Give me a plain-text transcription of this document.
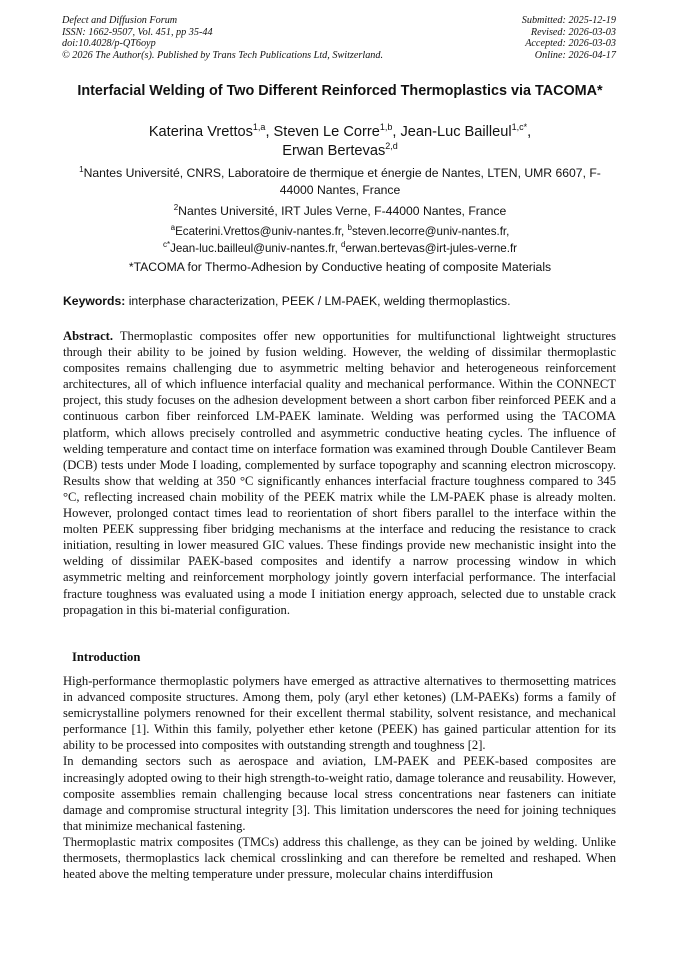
Defect and Diffusion Forum
ISSN: 1662-9507, Vol. 451, pp 35-44
doi:10.4028/p-QT6oyp
© 2026 The Author(s). Published by Trans Tech Publications Ltd, Switzerland.
Submitted: 2025-12-19
Revised: 2026-03-03
Accepted: 2026-03-03
Online: 2026-04-17
Interfacial Welding of Two Different Reinforced Thermoplastics via TACOMA*
Katerina Vrettos$^{1,a}$, Steven Le Corre$^{1,b}$, Jean-Luc Bailleul$^{1,c*}$,
Erwan Bertevas$^{2,d}$
$^1$Nantes Université, CNRS, Laboratoire de thermique et énergie de Nantes, LTEN, UMR 6607, F-44000 Nantes, France
$^2$Nantes Université, IRT Jules Verne, F-44000 Nantes, France
$^a$Ecaterini.Vrettos@univ-nantes.fr, $^b$steven.lecorre@univ-nantes.fr,
$^{c*}$Jean-luc.bailleul@univ-nantes.fr, $^d$erwan.bertevas@irt-jules-verne.fr
*TACOMA for Thermo-Adhesion by Conductive heating of composite Materials
Keywords: interphase characterization, PEEK / LM-PAEK, welding thermoplastics.
Abstract. Thermoplastic composites offer new opportunities for multifunctional lightweight structures through their ability to be joined by fusion welding. However, the welding of dissimilar thermoplastic composites remains challenging due to asymmetric melting behavior and heterogeneous reinforcement architectures, all of which influence interfacial quality and mechanical performance. Within the CONNECT project, this study focuses on the adhesion development between a short carbon fiber reinforced PEEK and a continuous carbon fiber reinforced LM-PAEK laminate. Welding was performed using the TACOMA platform, which allows precisely controlled and asymmetric conductive heating cycles. The influence of welding temperature and contact time on interface formation was examined through Double Cantilever Beam (DCB) tests under Mode I loading, complemented by surface topography and scanning electron microscopy. Results show that welding at 350 °C significantly enhances interfacial fracture toughness compared to 345 °C, reflecting increased chain mobility of the PEEK matrix while the LM-PAEK phase is already molten. However, prolonged contact times lead to reorientation of short fibers parallel to the interface within the molten PEEK suppressing fiber bridging mechanisms at the interface and reducing the resistance to crack initiation, resulting in lower measured GIC values. These findings provide new mechanistic insight into the welding of dissimilar PAEK-based composites and identify a narrow processing window in which asymmetric melting and reinforcement morphology jointly govern interfacial performance. The interfacial fracture toughness was evaluated using a mode I initiation energy approach, selected due to unstable crack propagation in this bi-material configuration.
Introduction

High-performance thermoplastic polymers have emerged as attractive alternatives to thermosetting matrices in advanced composite structures. Among them, poly (aryl ether ketones) (LM-PAEKs) forms a family of semicrystalline polymers renowned for their excellent thermal stability, solvent resistance, and mechanical performance [1]. Within this family, polyether ether ketone (PEEK) has gained particular attention for its ability to be processed into composites with outstanding strength and toughness [2].

In demanding sectors such as aerospace and aviation, LM-PAEK and PEEK-based composites are increasingly adopted owing to their high strength-to-weight ratio, damage tolerance and reusability. However, composite assemblies remain challenging because local stress concentrations near fasteners can initiate damage and compromise structural integrity [3]. This limitation underscores the need for joining techniques that minimize mechanical fastening.

Thermoplastic matrix composites (TMCs) address this challenge, as they can be joined by welding. Unlike thermosets, thermoplastics lack chemical crosslinking and can therefore be remelted and reshaped. When heated above the melting temperature under pressure, molecular chains interdiffusion
